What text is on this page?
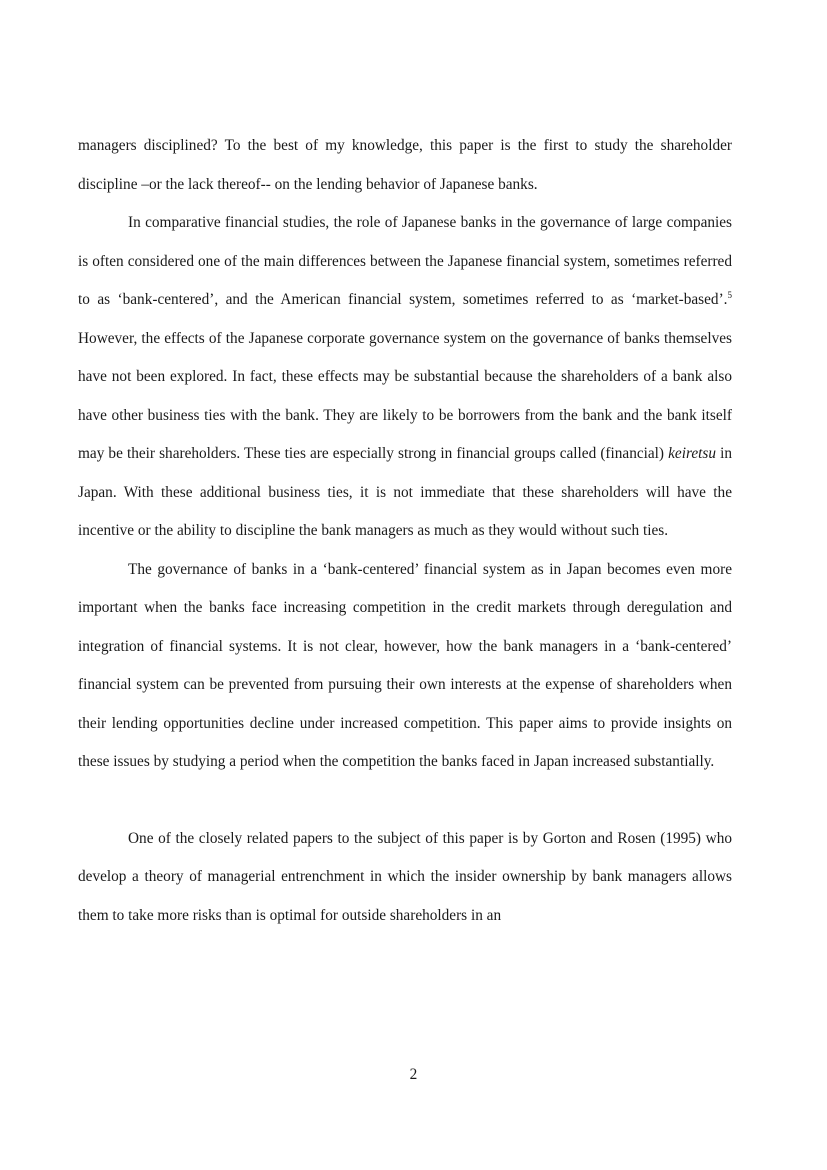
managers disciplined? To the best of my knowledge, this paper is the first to study the shareholder discipline –or the lack thereof-- on the lending behavior of Japanese banks.

In comparative financial studies, the role of Japanese banks in the governance of large companies is often considered one of the main differences between the Japanese financial system, sometimes referred to as ‘bank-centered’, and the American financial system, sometimes referred to as ‘market-based’.$^5$ However, the effects of the Japanese corporate governance system on the governance of banks themselves have not been explored. In fact, these effects may be substantial because the shareholders of a bank also have other business ties with the bank. They are likely to be borrowers from the bank and the bank itself may be their shareholders. These ties are especially strong in financial groups called (financial) keiretsu in Japan. With these additional business ties, it is not immediate that these shareholders will have the incentive or the ability to discipline the bank managers as much as they would without such ties.

The governance of banks in a ‘bank-centered’ financial system as in Japan becomes even more important when the banks face increasing competition in the credit markets through deregulation and integration of financial systems. It is not clear, however, how the bank managers in a ‘bank-centered’ financial system can be prevented from pursuing their own interests at the expense of shareholders when their lending opportunities decline under increased competition. This paper aims to provide insights on these issues by studying a period when the competition the banks faced in Japan increased substantially.

One of the closely related papers to the subject of this paper is by Gorton and Rosen (1995) who develop a theory of managerial entrenchment in which the insider ownership by bank managers allows them to take more risks than is optimal for outside shareholders in an

2
